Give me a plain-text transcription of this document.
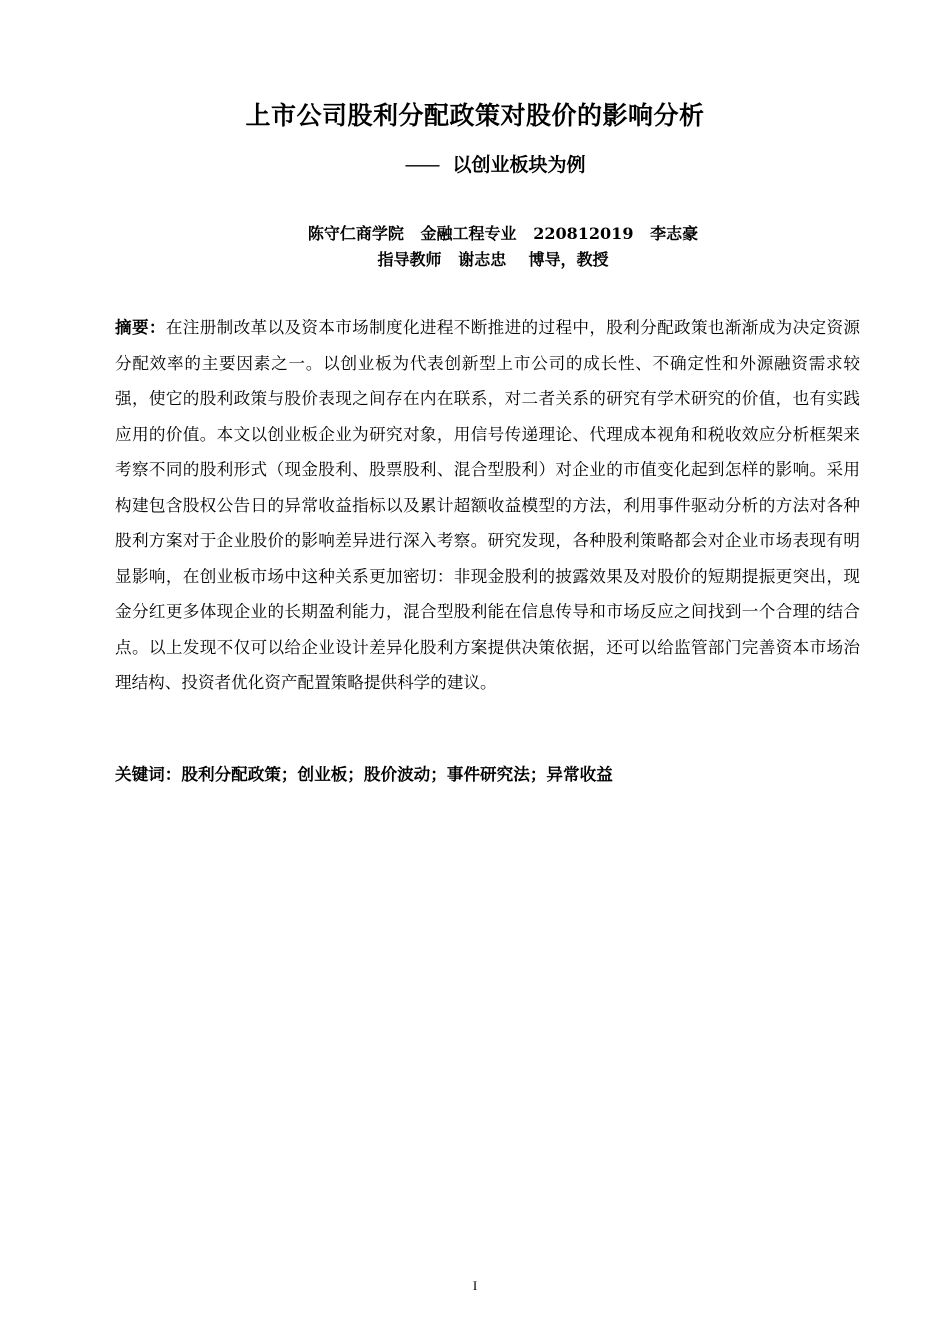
上市公司股利分配政策对股价的影响分析
—— 以创业板块为例
陈守仁商学院   金融工程专业   220812019   李志豪
指导教师   谢志忠    博导，教授

摘要：在注册制改革以及资本市场制度化进程不断推进的过程中，股利分配政策也渐渐成为决定资源分配效率的主要因素之一。以创业板为代表创新型上市公司的成长性、不确定性和外源融资需求较强，使它的股利政策与股价表现之间存在内在联系，对二者关系的研究有学术研究的价值，也有实践应用的价值。本文以创业板企业为研究对象，用信号传递理论、代理成本视角和税收效应分析框架来考察不同的股利形式（现金股利、股票股利、混合型股利）对企业的市值变化起到怎样的影响。采用构建包含股权公告日的异常收益指标以及累计超额收益模型的方法，利用事件驱动分析的方法对各种股利方案对于企业股价的影响差异进行深入考察。研究发现，各种股利策略都会对企业市场表现有明显影响，在创业板市场中这种关系更加密切：非现金股利的披露效果及对股价的短期提振更突出，现金分红更多体现企业的长期盈利能力，混合型股利能在信息传导和市场反应之间找到一个合理的结合点。以上发现不仅可以给企业设计差异化股利方案提供决策依据，还可以给监管部门完善资本市场治理结构、投资者优化资产配置策略提供科学的建议。

关键词：股利分配政策；创业板；股价波动；事件研究法；异常收益

I
